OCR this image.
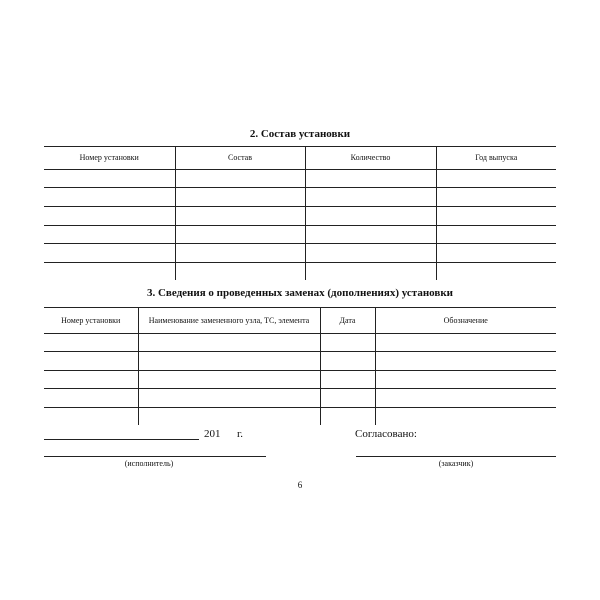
2. Состав установки
Номер установки	Состав	Количество	Год выпуска

3. Сведения о проведенных заменах (дополнениях) установки
Номер установки	Наименование замененного узла, ТС, элемента	Дата	Обозначение

201 г.	Согласовано:
(исполнитель)	(заказчик)
6
